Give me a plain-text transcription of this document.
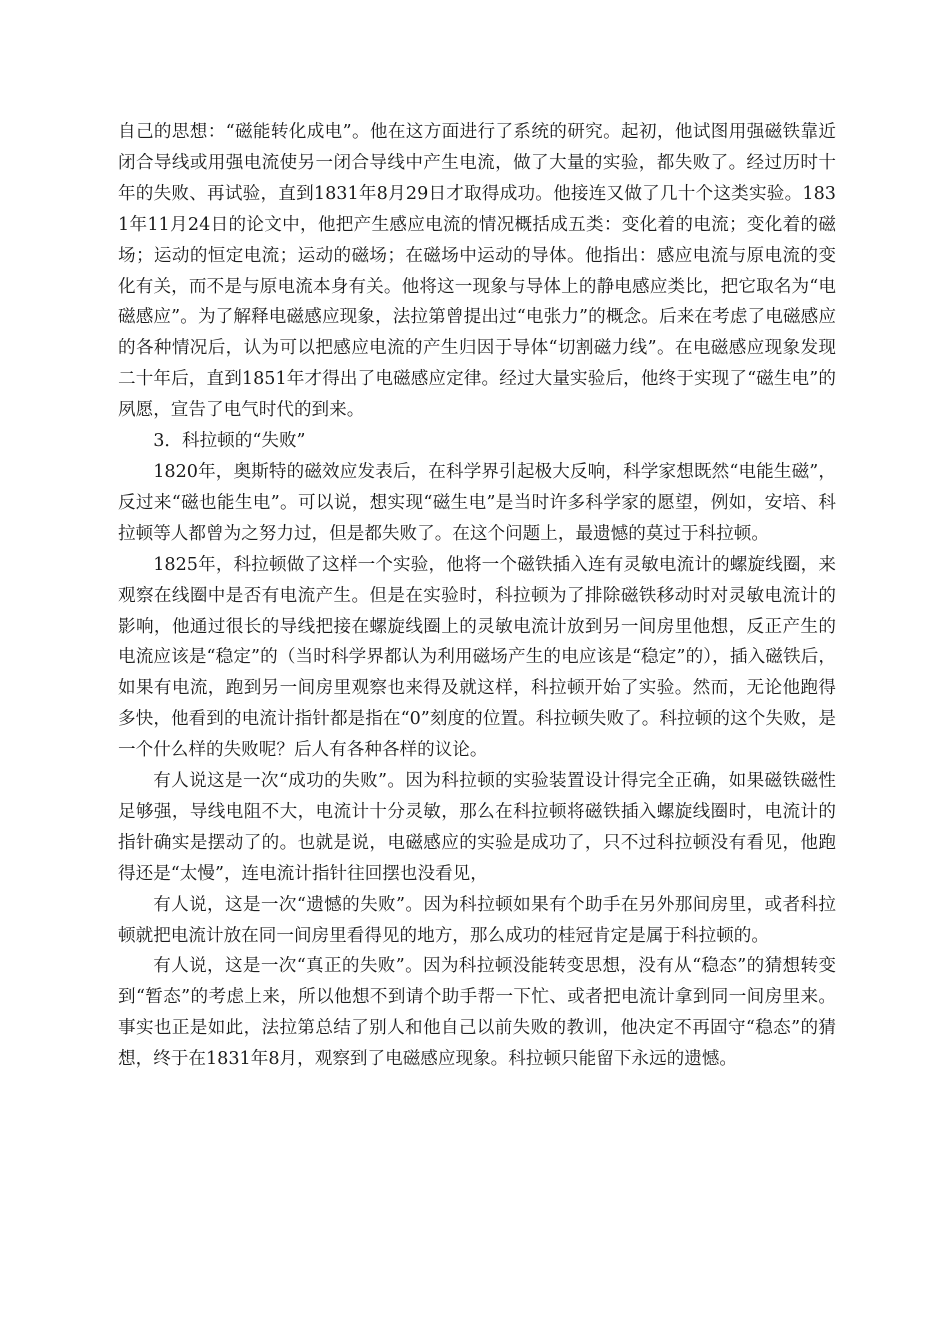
自己的思想：“磁能转化成电”。他在这方面进行了系统的研究。起初，他试图用强磁铁靠近闭合导线或用强电流使另一闭合导线中产生电流，做了大量的实验，都失败了。经过历时十年的失败、再试验，直到1831年8月29日才取得成功。他接连又做了几十个这类实验。1831年11月24日的论文中，他把产生感应电流的情况概括成五类：变化着的电流；变化着的磁场；运动的恒定电流；运动的磁场；在磁场中运动的导体。他指出：感应电流与原电流的变化有关，而不是与原电流本身有关。他将这一现象与导体上的静电感应类比，把它取名为“电磁感应”。为了解释电磁感应现象，法拉第曾提出过“电张力”的概念。后来在考虑了电磁感应的各种情况后，认为可以把感应电流的产生归因于导体“切割磁力线”。在电磁感应现象发现二十年后，直到1851年才得出了电磁感应定律。经过大量实验后，他终于实现了“磁生电”的夙愿，宣告了电气时代的到来。

3．科拉顿的“失败”

1820年，奥斯特的磁效应发表后，在科学界引起极大反响，科学家想既然“电能生磁”，反过来“磁也能生电”。可以说，想实现“磁生电”是当时许多科学家的愿望，例如，安培、科拉顿等人都曾为之努力过，但是都失败了。在这个问题上，最遗憾的莫过于科拉顿。

1825年，科拉顿做了这样一个实验，他将一个磁铁插入连有灵敏电流计的螺旋线圈，来观察在线圈中是否有电流产生。但是在实验时，科拉顿为了排除磁铁移动时对灵敏电流计的影响，他通过很长的导线把接在螺旋线圈上的灵敏电流计放到另一间房里他想，反正产生的电流应该是“稳定”的（当时科学界都认为利用磁场产生的电应该是“稳定”的），插入磁铁后，如果有电流，跑到另一间房里观察也来得及就这样，科拉顿开始了实验。然而，无论他跑得多快，他看到的电流计指针都是指在“0”刻度的位置。科拉顿失败了。科拉顿的这个失败，是一个什么样的失败呢？后人有各种各样的议论。

有人说这是一次“成功的失败”。因为科拉顿的实验装置设计得完全正确，如果磁铁磁性足够强，导线电阻不大，电流计十分灵敏，那么在科拉顿将磁铁插入螺旋线圈时，电流计的指针确实是摆动了的。也就是说，电磁感应的实验是成功了，只不过科拉顿没有看见，他跑得还是“太慢”，连电流计指针往回摆也没看见，

有人说，这是一次“遗憾的失败”。因为科拉顿如果有个助手在另外那间房里，或者科拉顿就把电流计放在同一间房里看得见的地方，那么成功的桂冠肯定是属于科拉顿的。

有人说，这是一次“真正的失败”。因为科拉顿没能转变思想，没有从“稳态”的猜想转变到“暂态”的考虑上来，所以他想不到请个助手帮一下忙、或者把电流计拿到同一间房里来。事实也正是如此，法拉第总结了别人和他自己以前失败的教训，他决定不再固守“稳态”的猜想，终于在1831年8月，观察到了电磁感应现象。科拉顿只能留下永远的遗憾。
